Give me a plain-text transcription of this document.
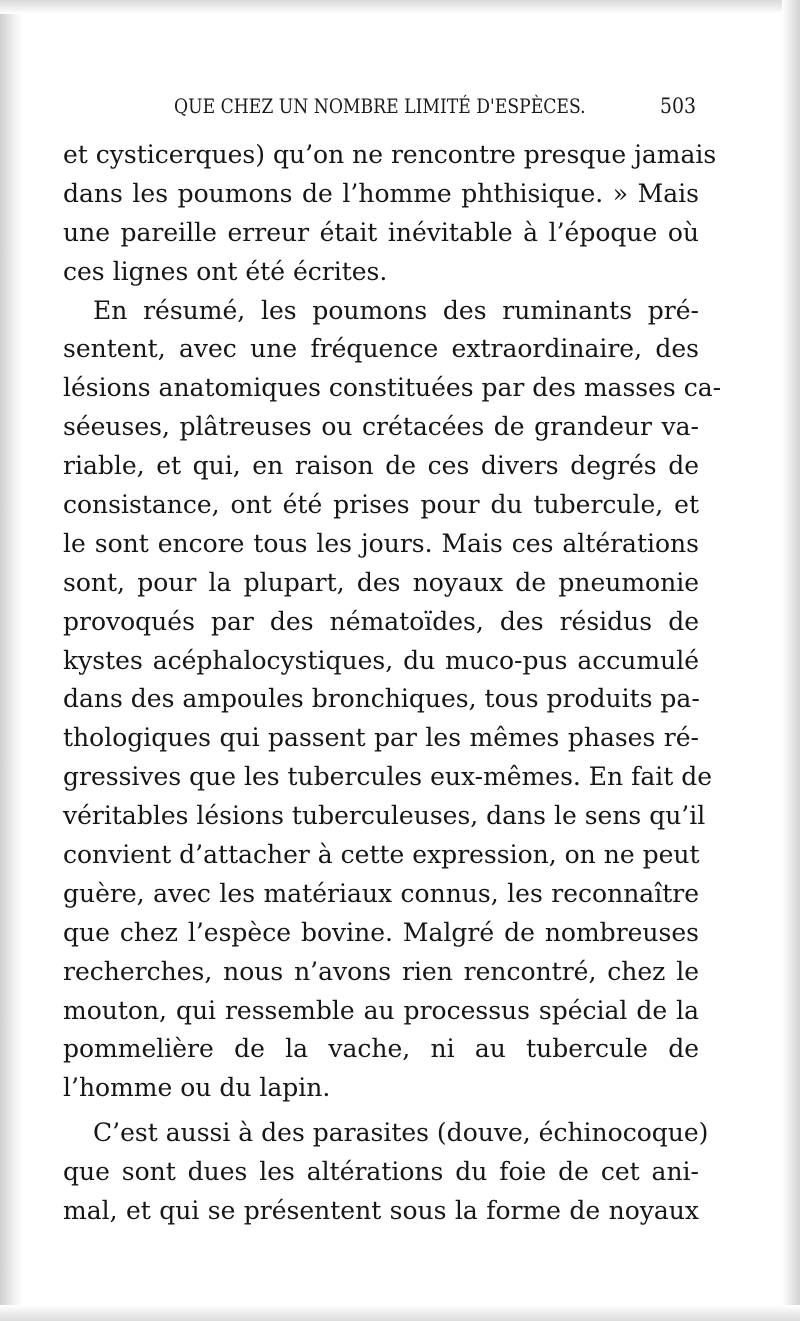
QUE CHEZ UN NOMBRE LIMITÉ D'ESPÈCES.	503
et cysticerques) qu’on ne rencontre presque jamais
dans les poumons de l’homme phthisique. » Mais
une pareille erreur était inévitable à l’époque où
ces lignes ont été écrites.
En résumé, les poumons des ruminants pré-
sentent, avec une fréquence extraordinaire, des
lésions anatomiques constituées par des masses ca-
séeuses, plâtreuses ou crétacées de grandeur va-
riable, et qui, en raison de ces divers degrés de
consistance, ont été prises pour du tubercule, et
le sont encore tous les jours. Mais ces altérations
sont, pour la plupart, des noyaux de pneumonie
provoqués par des nématoïdes, des résidus de
kystes acéphalocystiques, du muco-pus accumulé
dans des ampoules bronchiques, tous produits pa-
thologiques qui passent par les mêmes phases ré-
gressives que les tubercules eux-mêmes. En fait de
véritables lésions tuberculeuses, dans le sens qu’il
convient d’attacher à cette expression, on ne peut
guère, avec les matériaux connus, les reconnaître
que chez l’espèce bovine. Malgré de nombreuses
recherches, nous n’avons rien rencontré, chez le
mouton, qui ressemble au processus spécial de la
pommelière de la vache, ni au tubercule de
l’homme ou du lapin.
C’est aussi à des parasites (douve, échinocoque)
que sont dues les altérations du foie de cet ani-
mal, et qui se présentent sous la forme de noyaux
